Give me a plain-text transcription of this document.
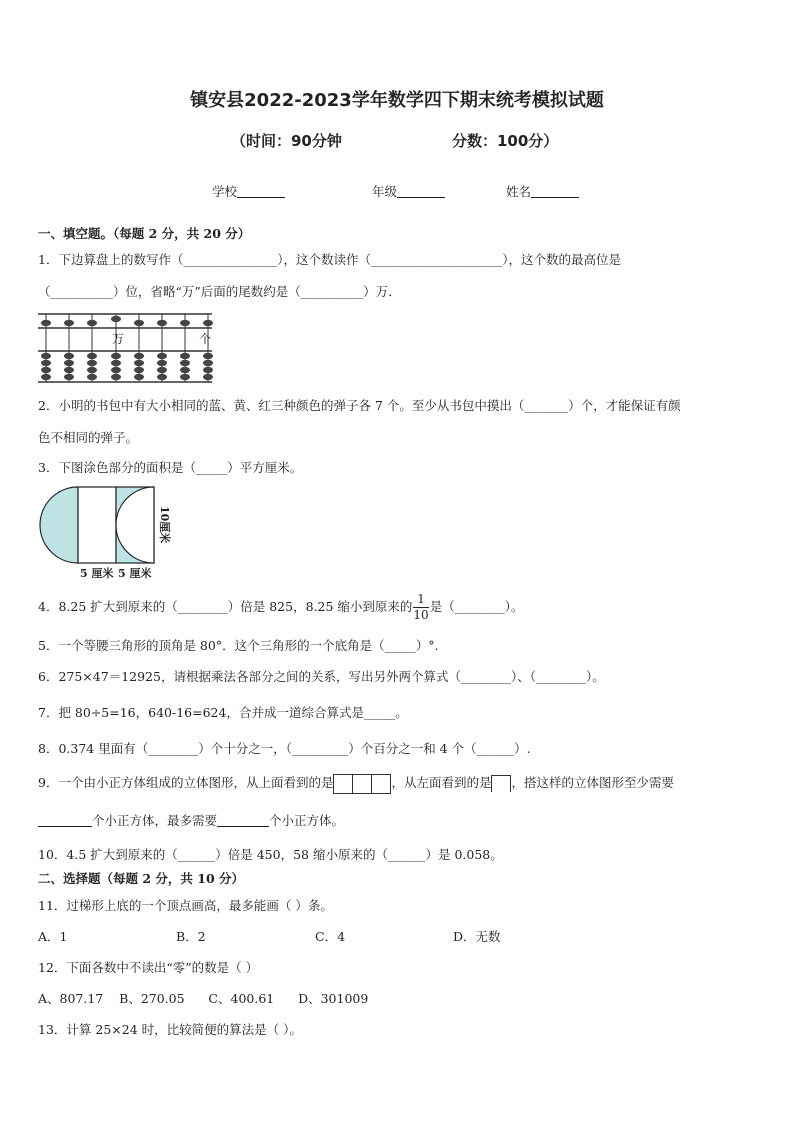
镇安县2022-2023学年数学四下期末统考模拟试题
（时间：90分钟	分数：100分）
学校	年级	姓名
一、填空题。（每题 2 分，共 20 分）
1．下边算盘上的数写作（_______________），这个数读作（_____________________），这个数的最高位是
（__________）位，省略“万”后面的尾数约是（__________）万．
万	个
2．小明的书包中有大小相同的蓝、黄、红三种颜色的弹子各 7 个。至少从书包中摸出（_______）个，才能保证有颜
色不相同的弹子。
3．下图涂色部分的面积是（_____）平方厘米。
5 厘米 5 厘米
10厘米
4．8.25 扩大到原来的（________）倍是 825，8.25 缩小到原来的 $\frac{1}{10}$ 是（________）。
5．一个等腰三角形的顶角是 80°．这个三角形的一个底角是（_____）°.
6．275×47＝12925，请根据乘法各部分之间的关系，写出另外两个算式（________）、（________）。
7．把 80÷5=16，640-16=624，合并成一道综合算式是_____。
8．0.374 里面有（________）个十分之一，（_________）个百分之一和 4 个（______）.
9．一个由小正方体组成的立体图形，从上面看到的是	，从左面看到的是 ，搭这样的立体图形至少需要
个小正方体，最多需要	个小正方体。
10．4.5 扩大到原来的（______）倍是 450，58 缩小原来的（______）是 0.058。
二、选择题（每题 2 分，共 10 分）
11．过梯形上底的一个顶点画高，最多能画（ ）条。
A．1	B．2	C．4	D．无数
12．下面各数中不读出“零”的数是（ ）
A、807.17    B、270.05      C、400.61      D、301009
13．计算 25×24 时，比较简便的算法是（ ）。
